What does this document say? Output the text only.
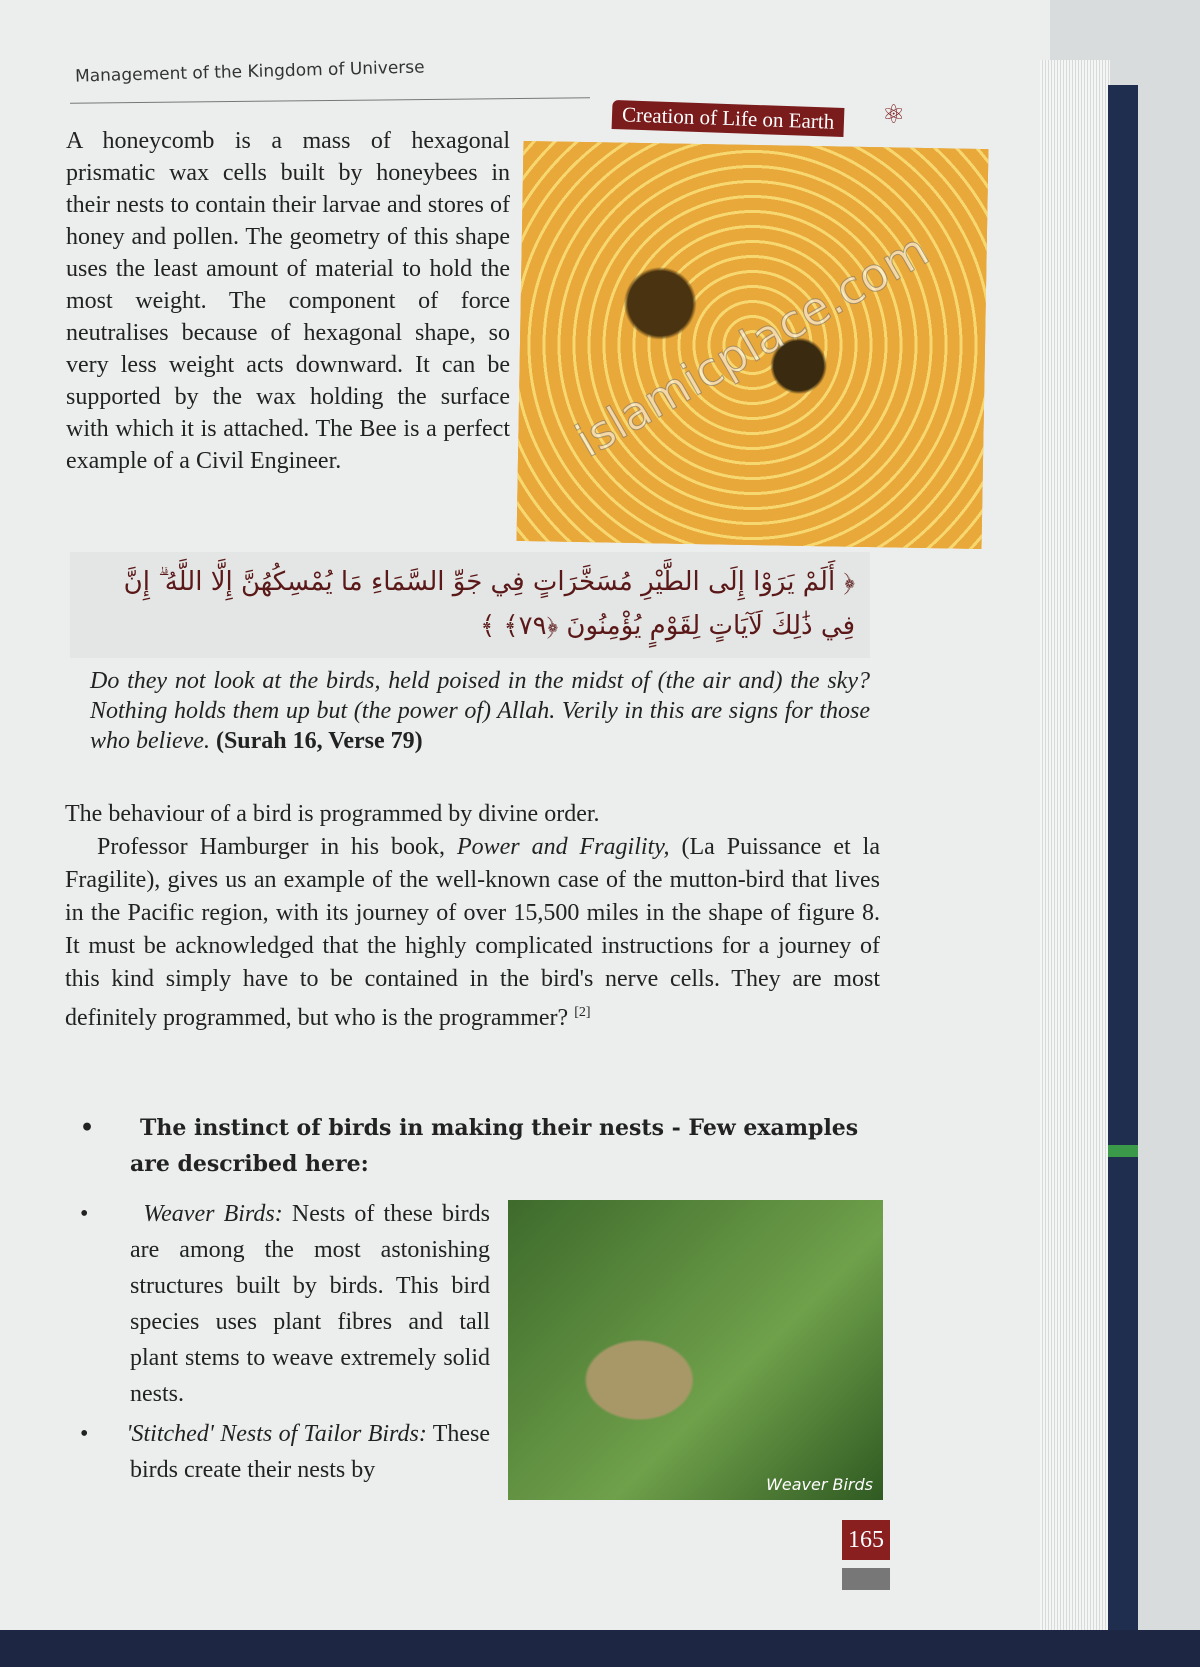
Management of the Kingdom of Universe
Creation of Life on Earth	⚛
A honeycomb is a mass of hexagonal prismatic wax cells built by honeybees in their nests to contain their larvae and stores of honey and pollen. The geometry of this shape uses the least amount of material to hold the most weight. The component of force neutralises because of hexagonal shape, so very less weight acts downward. It can be supported by the wax holding the surface with which it is attached. The Bee is a perfect example of a Civil Engineer.	islamicplace.com
﴿ أَلَمْ يَرَوْا إِلَى الطَّيْرِ مُسَخَّرَاتٍ فِي جَوِّ السَّمَاءِ مَا يُمْسِكُهُنَّ إِلَّا اللَّهُ ۗ إِنَّ فِي ذَٰلِكَ لَآيَاتٍ لِقَوْمٍ يُؤْمِنُونَ ﴿٧٩﴾ ﴾
Do they not look at the birds, held poised in the midst of (the air and) the sky? Nothing holds them up but (the power of) Allah. Verily in this are signs for those who believe. (Surah 16, Verse 79)
The behaviour of a bird is programmed by divine order.
Professor Hamburger in his book, Power and Fragility, (La Puissance et la Fragilite), gives us an example of the well-known case of the mutton-bird that lives in the Pacific region, with its journey of over 15,500 miles in the shape of figure 8. It must be acknowledged that the highly complicated instructions for a journey of this kind simply have to be contained in the bird's nerve cells. They are most definitely programmed, but who is the programmer? [2]
•      The instinct of birds in making their nests - Few examples are described here:
•      Weaver Birds: Nests of these birds are among the most astonishing structures built by birds. This bird species uses plant fibres and tall plant stems to weave extremely solid nests.
•      'Stitched' Nests of Tailor Birds: These birds create their nests by
Weaver Birds
165
